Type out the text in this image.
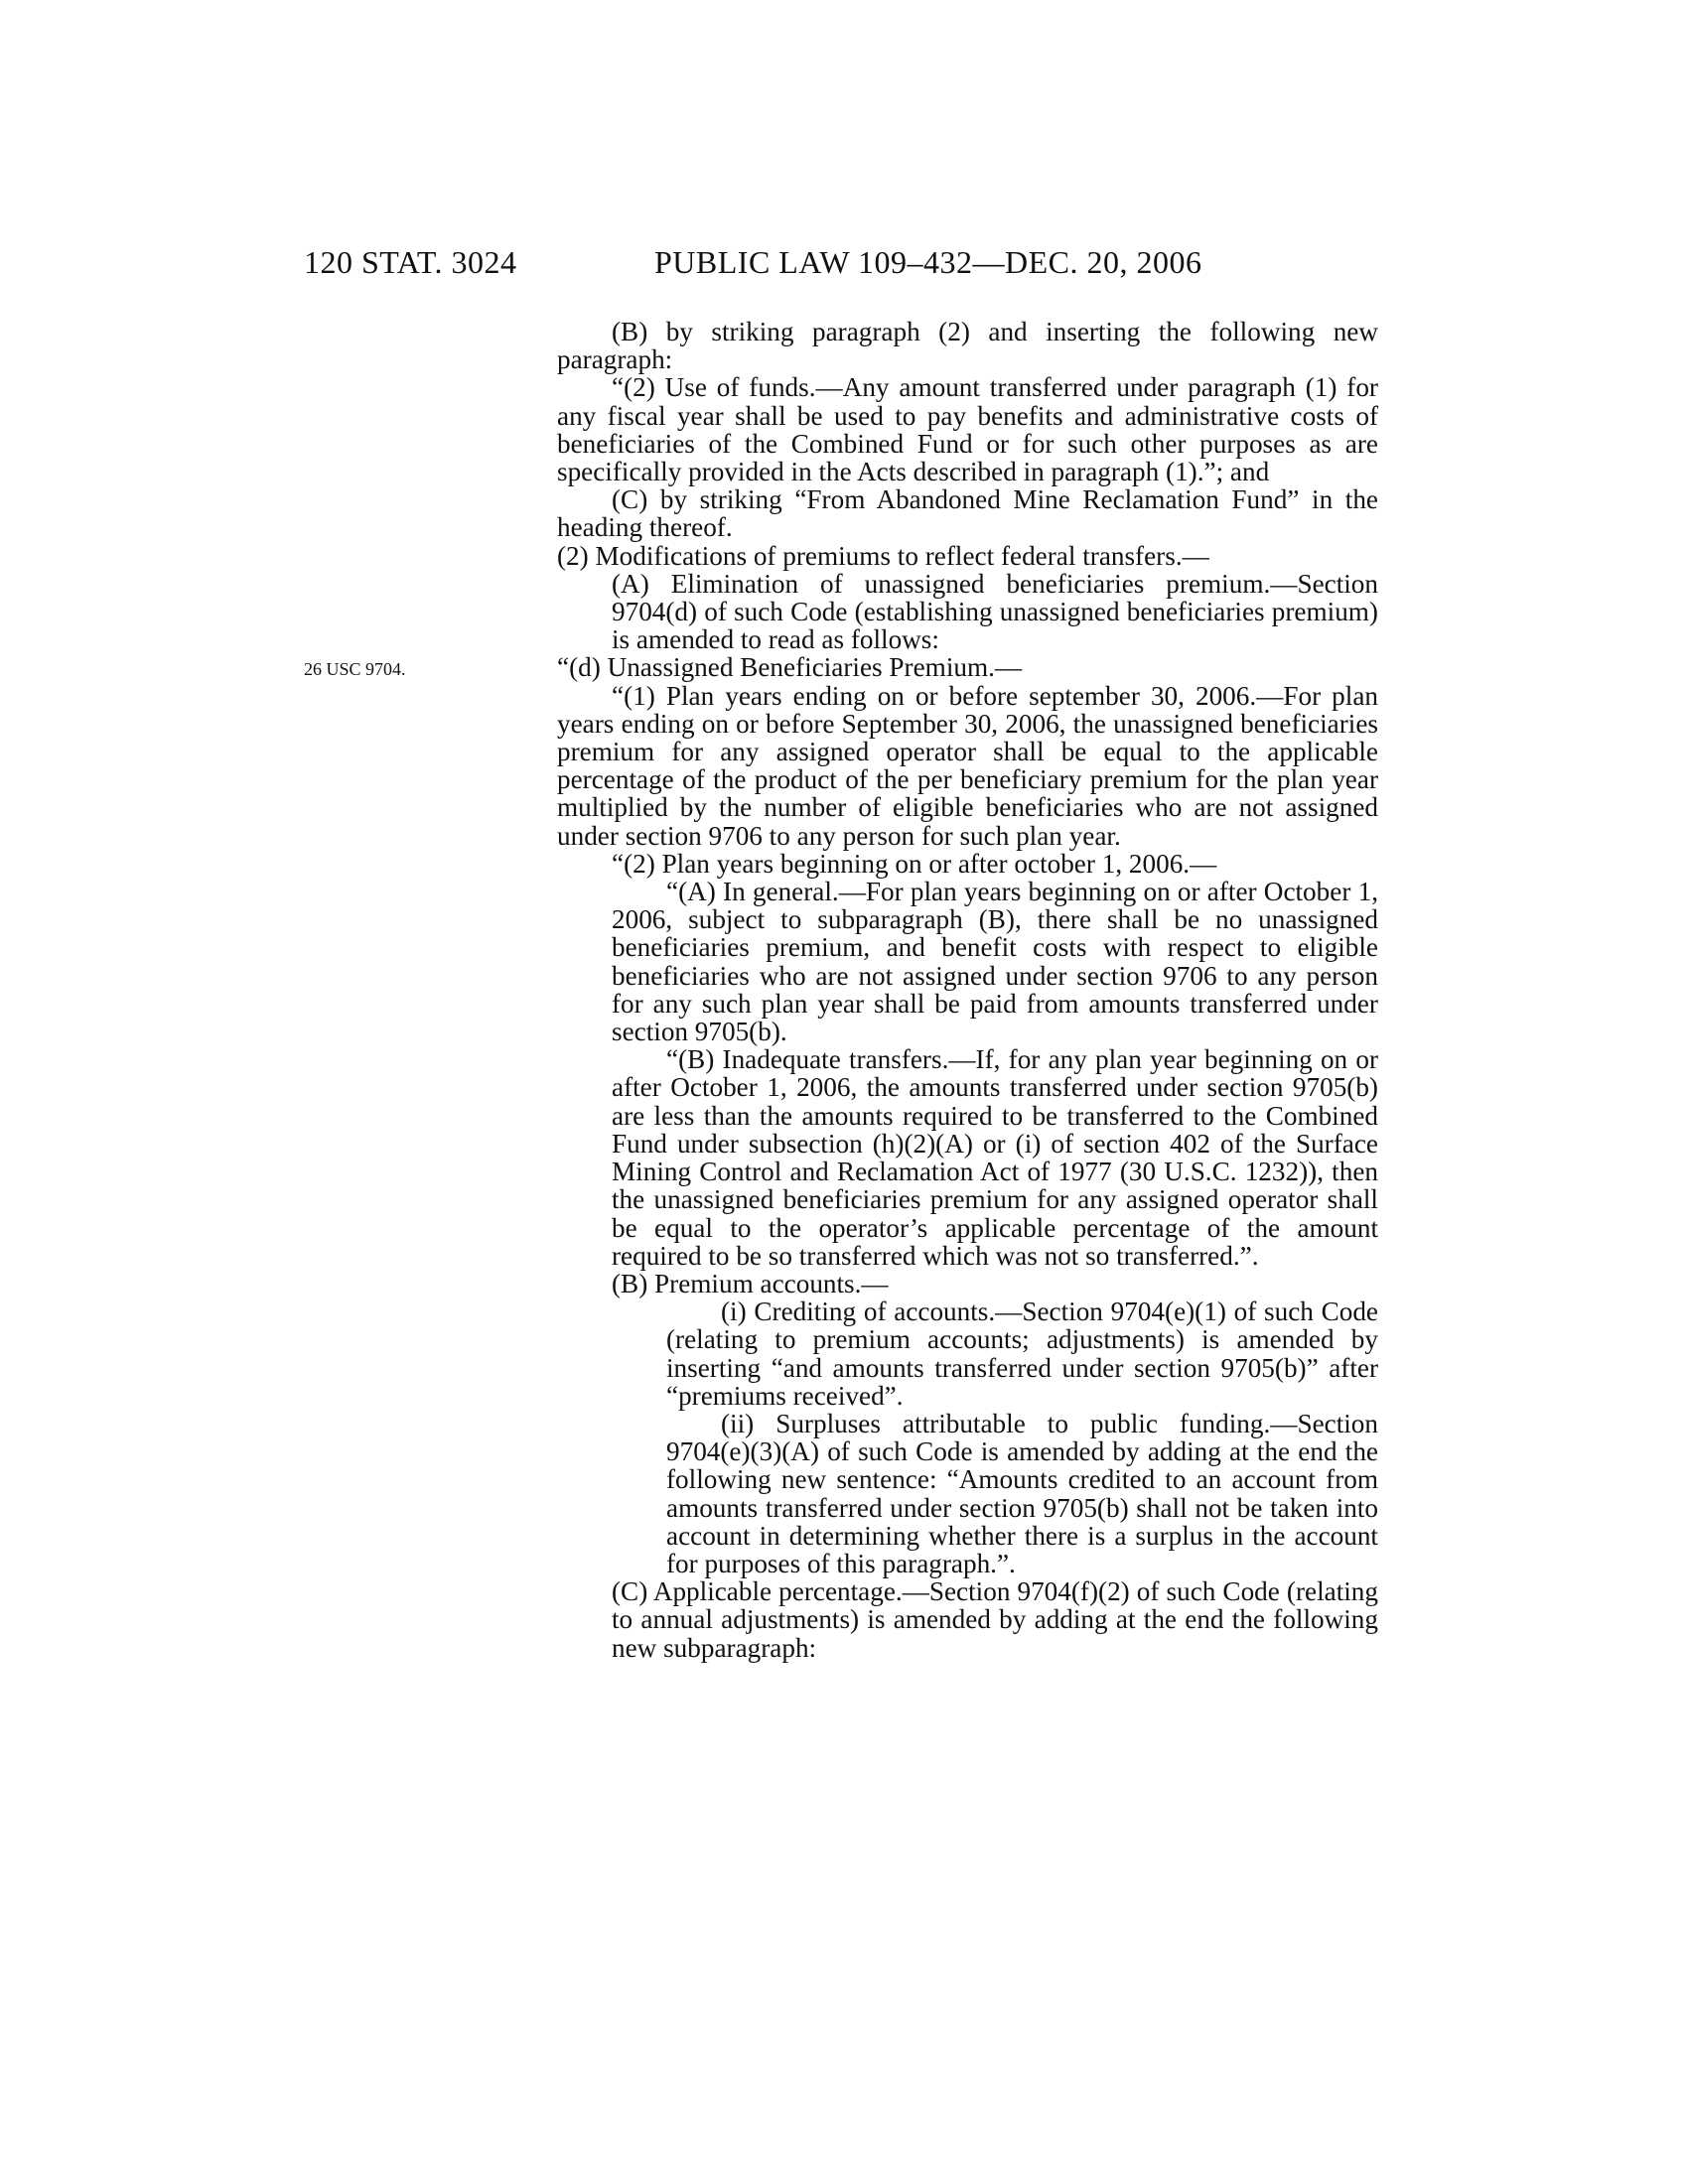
120 STAT. 3024	PUBLIC LAW 109–432—DEC. 20, 2006
26 USC 9704.

(B) by striking paragraph (2) and inserting the following new paragraph:

“(2) Use of funds.—Any amount transferred under paragraph (1) for any fiscal year shall be used to pay benefits and administrative costs of beneficiaries of the Combined Fund or for such other purposes as are specifically provided in the Acts described in paragraph (1).”; and

(C) by striking “From Abandoned Mine Reclamation Fund” in the heading thereof.

(2) Modifications of premiums to reflect federal transfers.—

(A) Elimination of unassigned beneficiaries premium.—Section 9704(d) of such Code (establishing unassigned beneficiaries premium) is amended to read as follows:

“(d) Unassigned Beneficiaries Premium.—

“(1) Plan years ending on or before september 30, 2006.—For plan years ending on or before September 30, 2006, the unassigned beneficiaries premium for any assigned operator shall be equal to the applicable percentage of the product of the per beneficiary premium for the plan year multiplied by the number of eligible beneficiaries who are not assigned under section 9706 to any person for such plan year.

“(2) Plan years beginning on or after october 1, 2006.—

“(A) In general.—For plan years beginning on or after October 1, 2006, subject to subparagraph (B), there shall be no unassigned beneficiaries premium, and benefit costs with respect to eligible beneficiaries who are not assigned under section 9706 to any person for any such plan year shall be paid from amounts transferred under section 9705(b).

“(B) Inadequate transfers.—If, for any plan year beginning on or after October 1, 2006, the amounts transferred under section 9705(b) are less than the amounts required to be transferred to the Combined Fund under subsection (h)(2)(A) or (i) of section 402 of the Surface Mining Control and Reclamation Act of 1977 (30 U.S.C. 1232)), then the unassigned beneficiaries premium for any assigned operator shall be equal to the operator’s applicable percentage of the amount required to be so transferred which was not so transferred.”.

(B) Premium accounts.—

(i) Crediting of accounts.—Section 9704(e)(1) of such Code (relating to premium accounts; adjustments) is amended by inserting “and amounts transferred under section 9705(b)” after “premiums received”.

(ii) Surpluses attributable to public funding.—Section 9704(e)(3)(A) of such Code is amended by adding at the end the following new sentence: “Amounts credited to an account from amounts transferred under section 9705(b) shall not be taken into account in determining whether there is a surplus in the account for purposes of this paragraph.”.

(C) Applicable percentage.—Section 9704(f)(2) of such Code (relating to annual adjustments) is amended by adding at the end the following new subparagraph:
